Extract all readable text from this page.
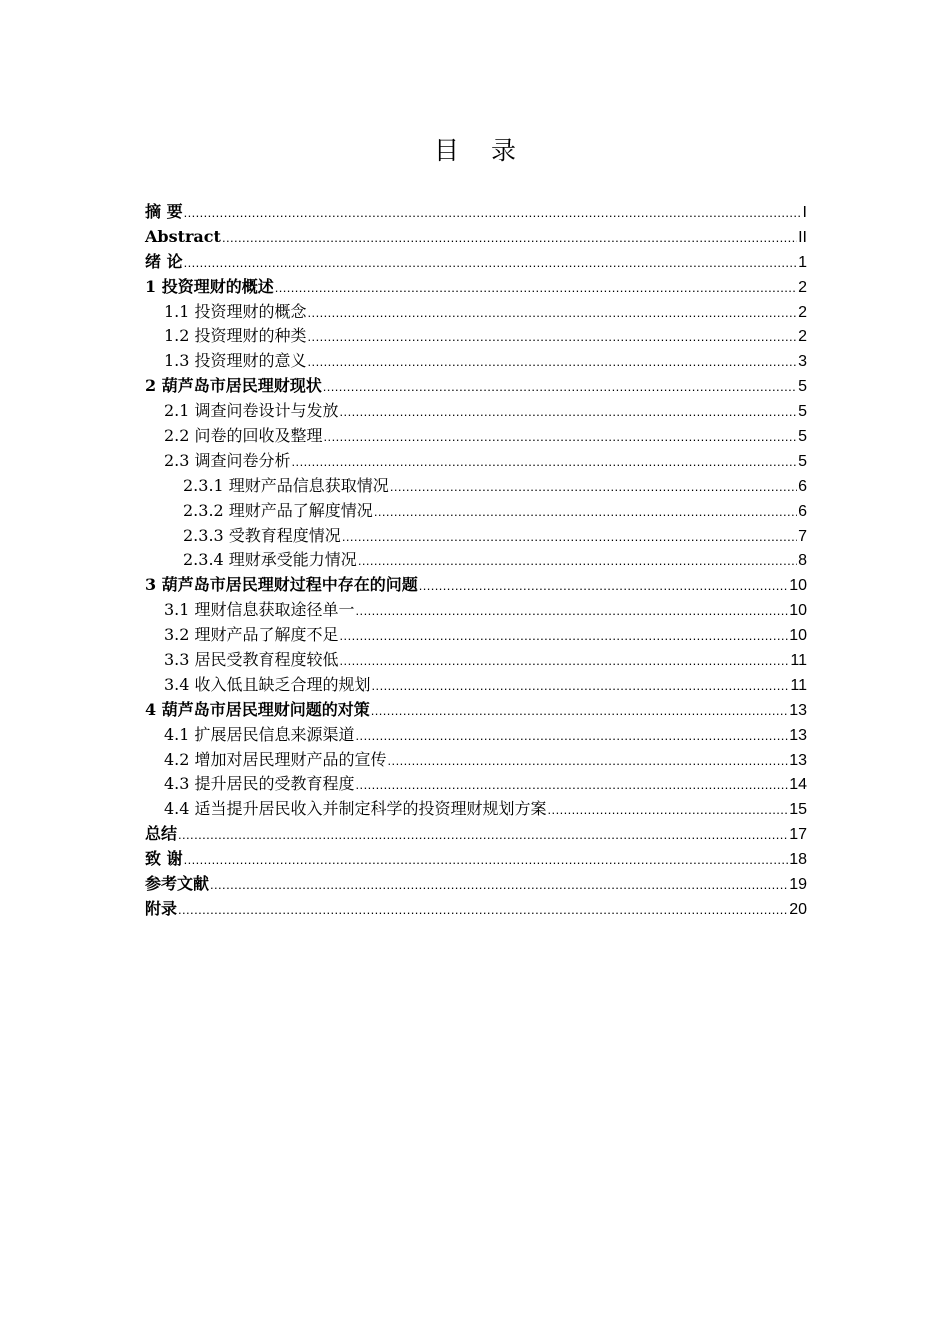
目 录
摘 要 .....	I
Abstract .....	II
绪 论 .....	1
1 投资理财的概述 .....	2
1.1 投资理财的概念 .....	2
1.2 投资理财的种类 .....	2
1.3 投资理财的意义 .....	3
2 葫芦岛市居民理财现状 .....	5
2.1 调查问卷设计与发放 .....	5
2.2 问卷的回收及整理 .....	5
2.3 调查问卷分析 .....	5
2.3.1 理财产品信息获取情况 .....	6
2.3.2 理财产品了解度情况 .....	6
2.3.3 受教育程度情况 .....	7
2.3.4 理财承受能力情况 .....	8
3 葫芦岛市居民理财过程中存在的问题 .....	10
3.1 理财信息获取途径单一 .....	10
3.2 理财产品了解度不足 .....	10
3.3 居民受教育程度较低 .....	11
3.4 收入低且缺乏合理的规划 .....	11
4 葫芦岛市居民理财问题的对策 .....	13
4.1 扩展居民信息来源渠道 .....	13
4.2 增加对居民理财产品的宣传 .....	13
4.3 提升居民的受教育程度 .....	14
4.4 适当提升居民收入并制定科学的投资理财规划方案 .....	15
总结 .....	17
致 谢 .....	18
参考文献 .....	19
附录 .....	20
